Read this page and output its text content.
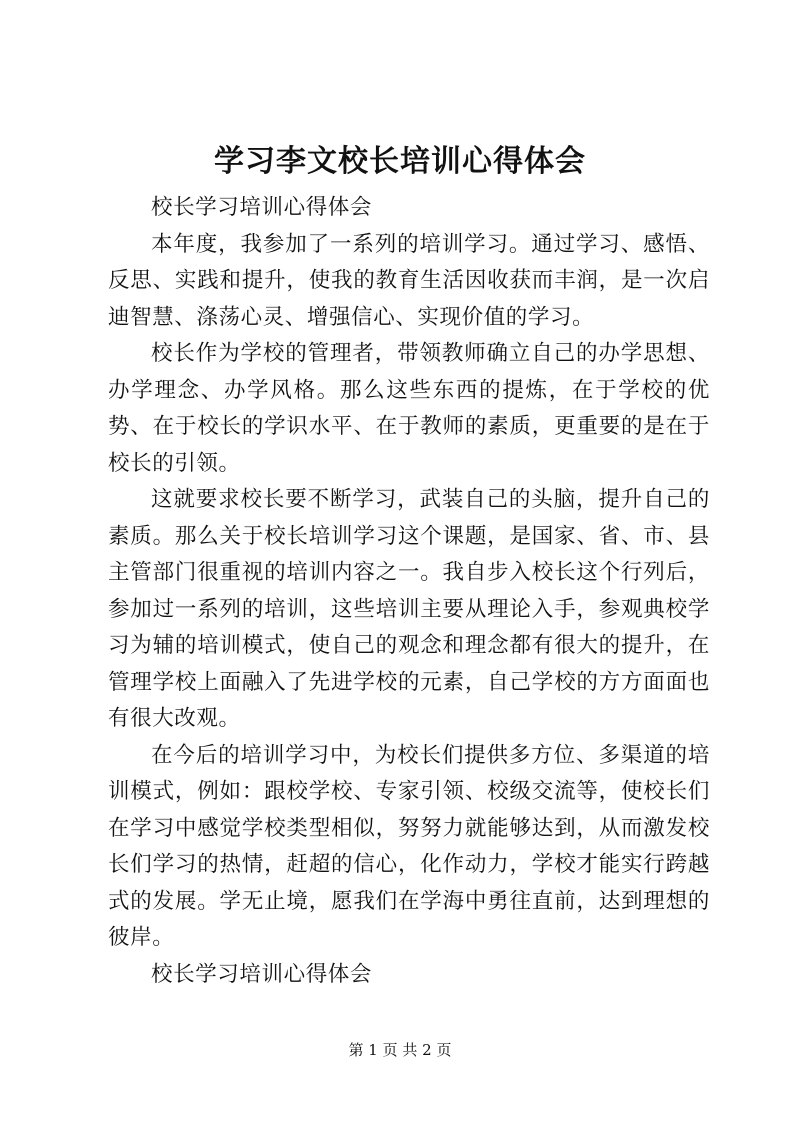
学习李文校长培训心得体会

校长学习培训心得体会

本年度，我参加了一系列的培训学习。通过学习、感悟、反思、实践和提升，使我的教育生活因收获而丰润，是一次启迪智慧、涤荡心灵、增强信心、实现价值的学习。

校长作为学校的管理者，带领教师确立自己的办学思想、办学理念、办学风格。那么这些东西的提炼，在于学校的优势、在于校长的学识水平、在于教师的素质，更重要的是在于校长的引领。

这就要求校长要不断学习，武装自己的头脑，提升自己的素质。那么关于校长培训学习这个课题，是国家、省、市、县主管部门很重视的培训内容之一。我自步入校长这个行列后，参加过一系列的培训，这些培训主要从理论入手，参观典校学习为辅的培训模式，使自己的观念和理念都有很大的提升，在管理学校上面融入了先进学校的元素，自己学校的方方面面也有很大改观。

在今后的培训学习中，为校长们提供多方位、多渠道的培训模式，例如：跟校学校、专家引领、校级交流等，使校长们在学习中感觉学校类型相似，努努力就能够达到，从而激发校长们学习的热情，赶超的信心，化作动力，学校才能实行跨越式的发展。学无止境，愿我们在学海中勇往直前，达到理想的彼岸。

校长学习培训心得体会

第 1 页 共 2 页
